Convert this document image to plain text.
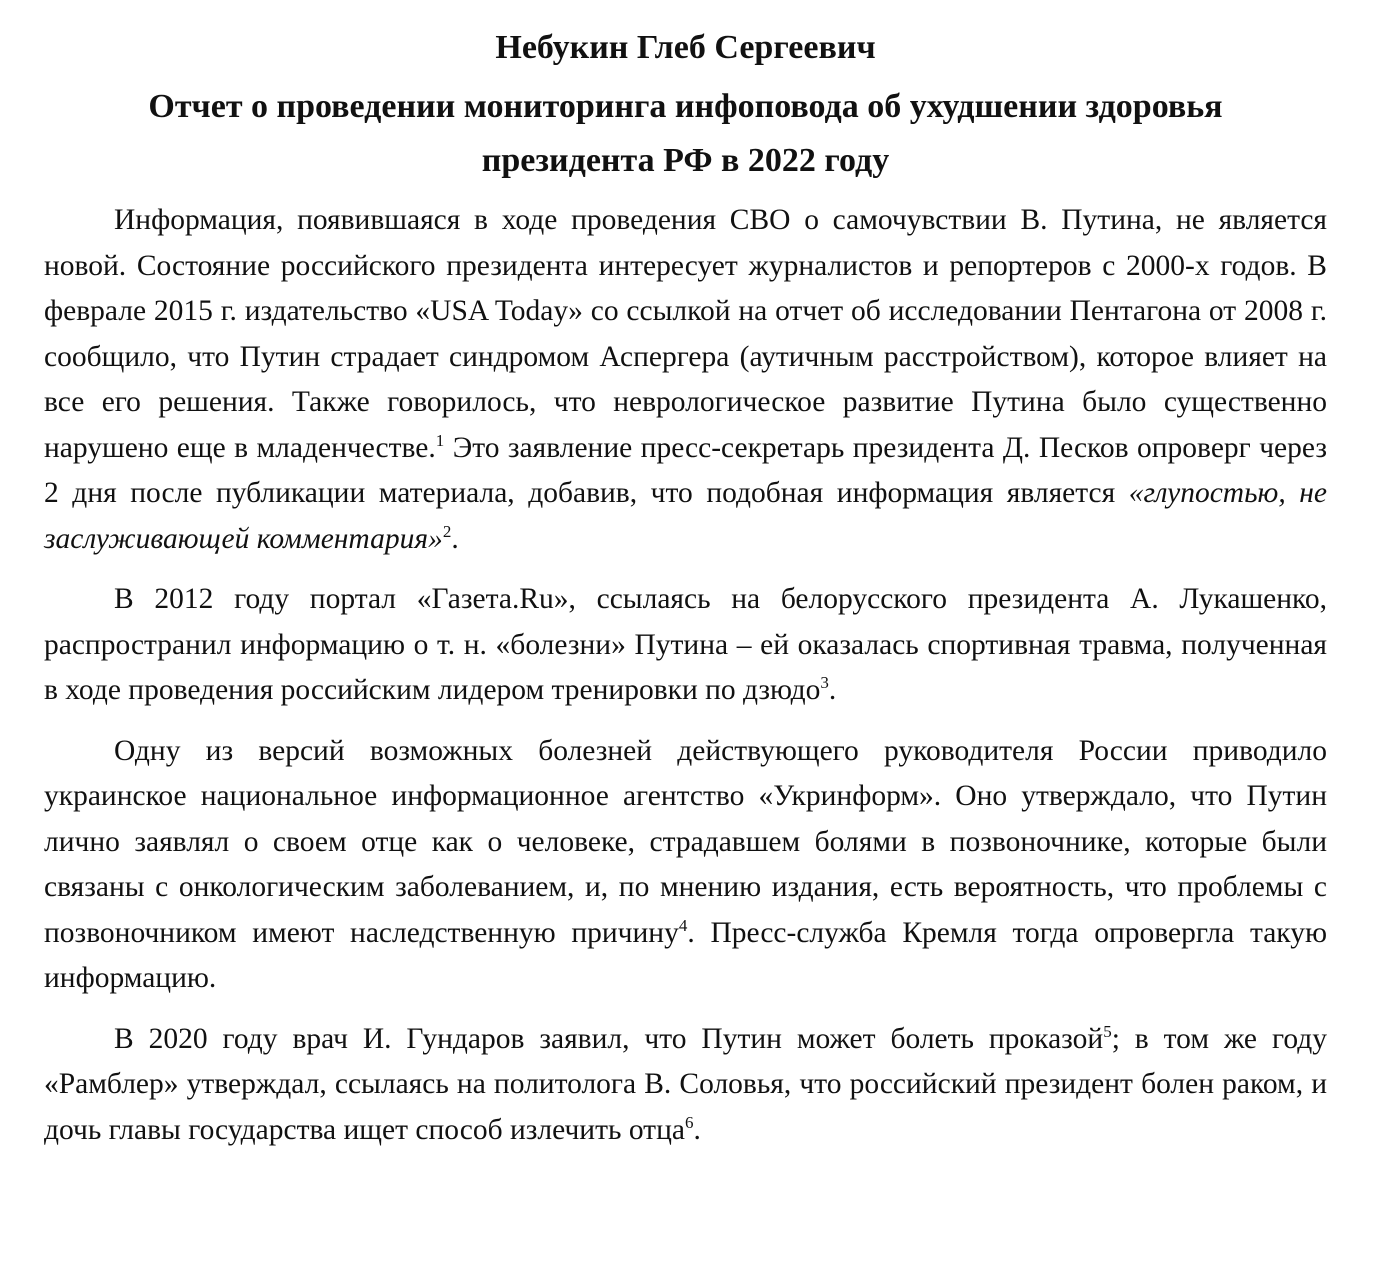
Небукин Глеб Сергеевич
Отчет о проведении мониторинга инфоповода об ухудшении здоровья
президента РФ в 2022 году

Информация, появившаяся в ходе проведения СВО о самочувствии В. Путина, не является новой. Состояние российского президента интересует журналистов и репортеров с 2000-х годов. В феврале 2015 г. издательство «USA Today» со ссылкой на отчет об исследовании Пентагона от 2008 г. сообщило, что Путин страдает синдромом Аспергера (аутичным расстройством), которое влияет на все его решения. Также говорилось, что неврологическое развитие Путина было существенно нарушено еще в младенчестве.$^1$ Это заявление пресс-секретарь президента Д. Песков опроверг через 2 дня после публикации материала, добавив, что подобная информация является «глупостью, не заслуживающей комментария»$^2$.

В 2012 году портал «Газета.Ru», ссылаясь на белорусского президента А. Лукашенко, распространил информацию о т. н. «болезни» Путина – ей оказалась спортивная травма, полученная в ходе проведения российским лидером тренировки по дзюдо$^3$.

Одну из версий возможных болезней действующего руководителя России приводило украинское национальное информационное агентство «Укринформ». Оно утверждало, что Путин лично заявлял о своем отце как о человеке, страдавшем болями в позвоночнике, которые были связаны с онкологическим заболеванием, и, по мнению издания, есть вероятность, что проблемы с позвоночником имеют наследственную причину$^4$. Пресс-служба Кремля тогда опровергла такую информацию.

В 2020 году врач И. Гундаров заявил, что Путин может болеть проказой$^5$; в том же году «Рамблер» утверждал, ссылаясь на политолога В. Соловья, что российский президент болен раком, и дочь главы государства ищет способ излечить отца$^6$.
